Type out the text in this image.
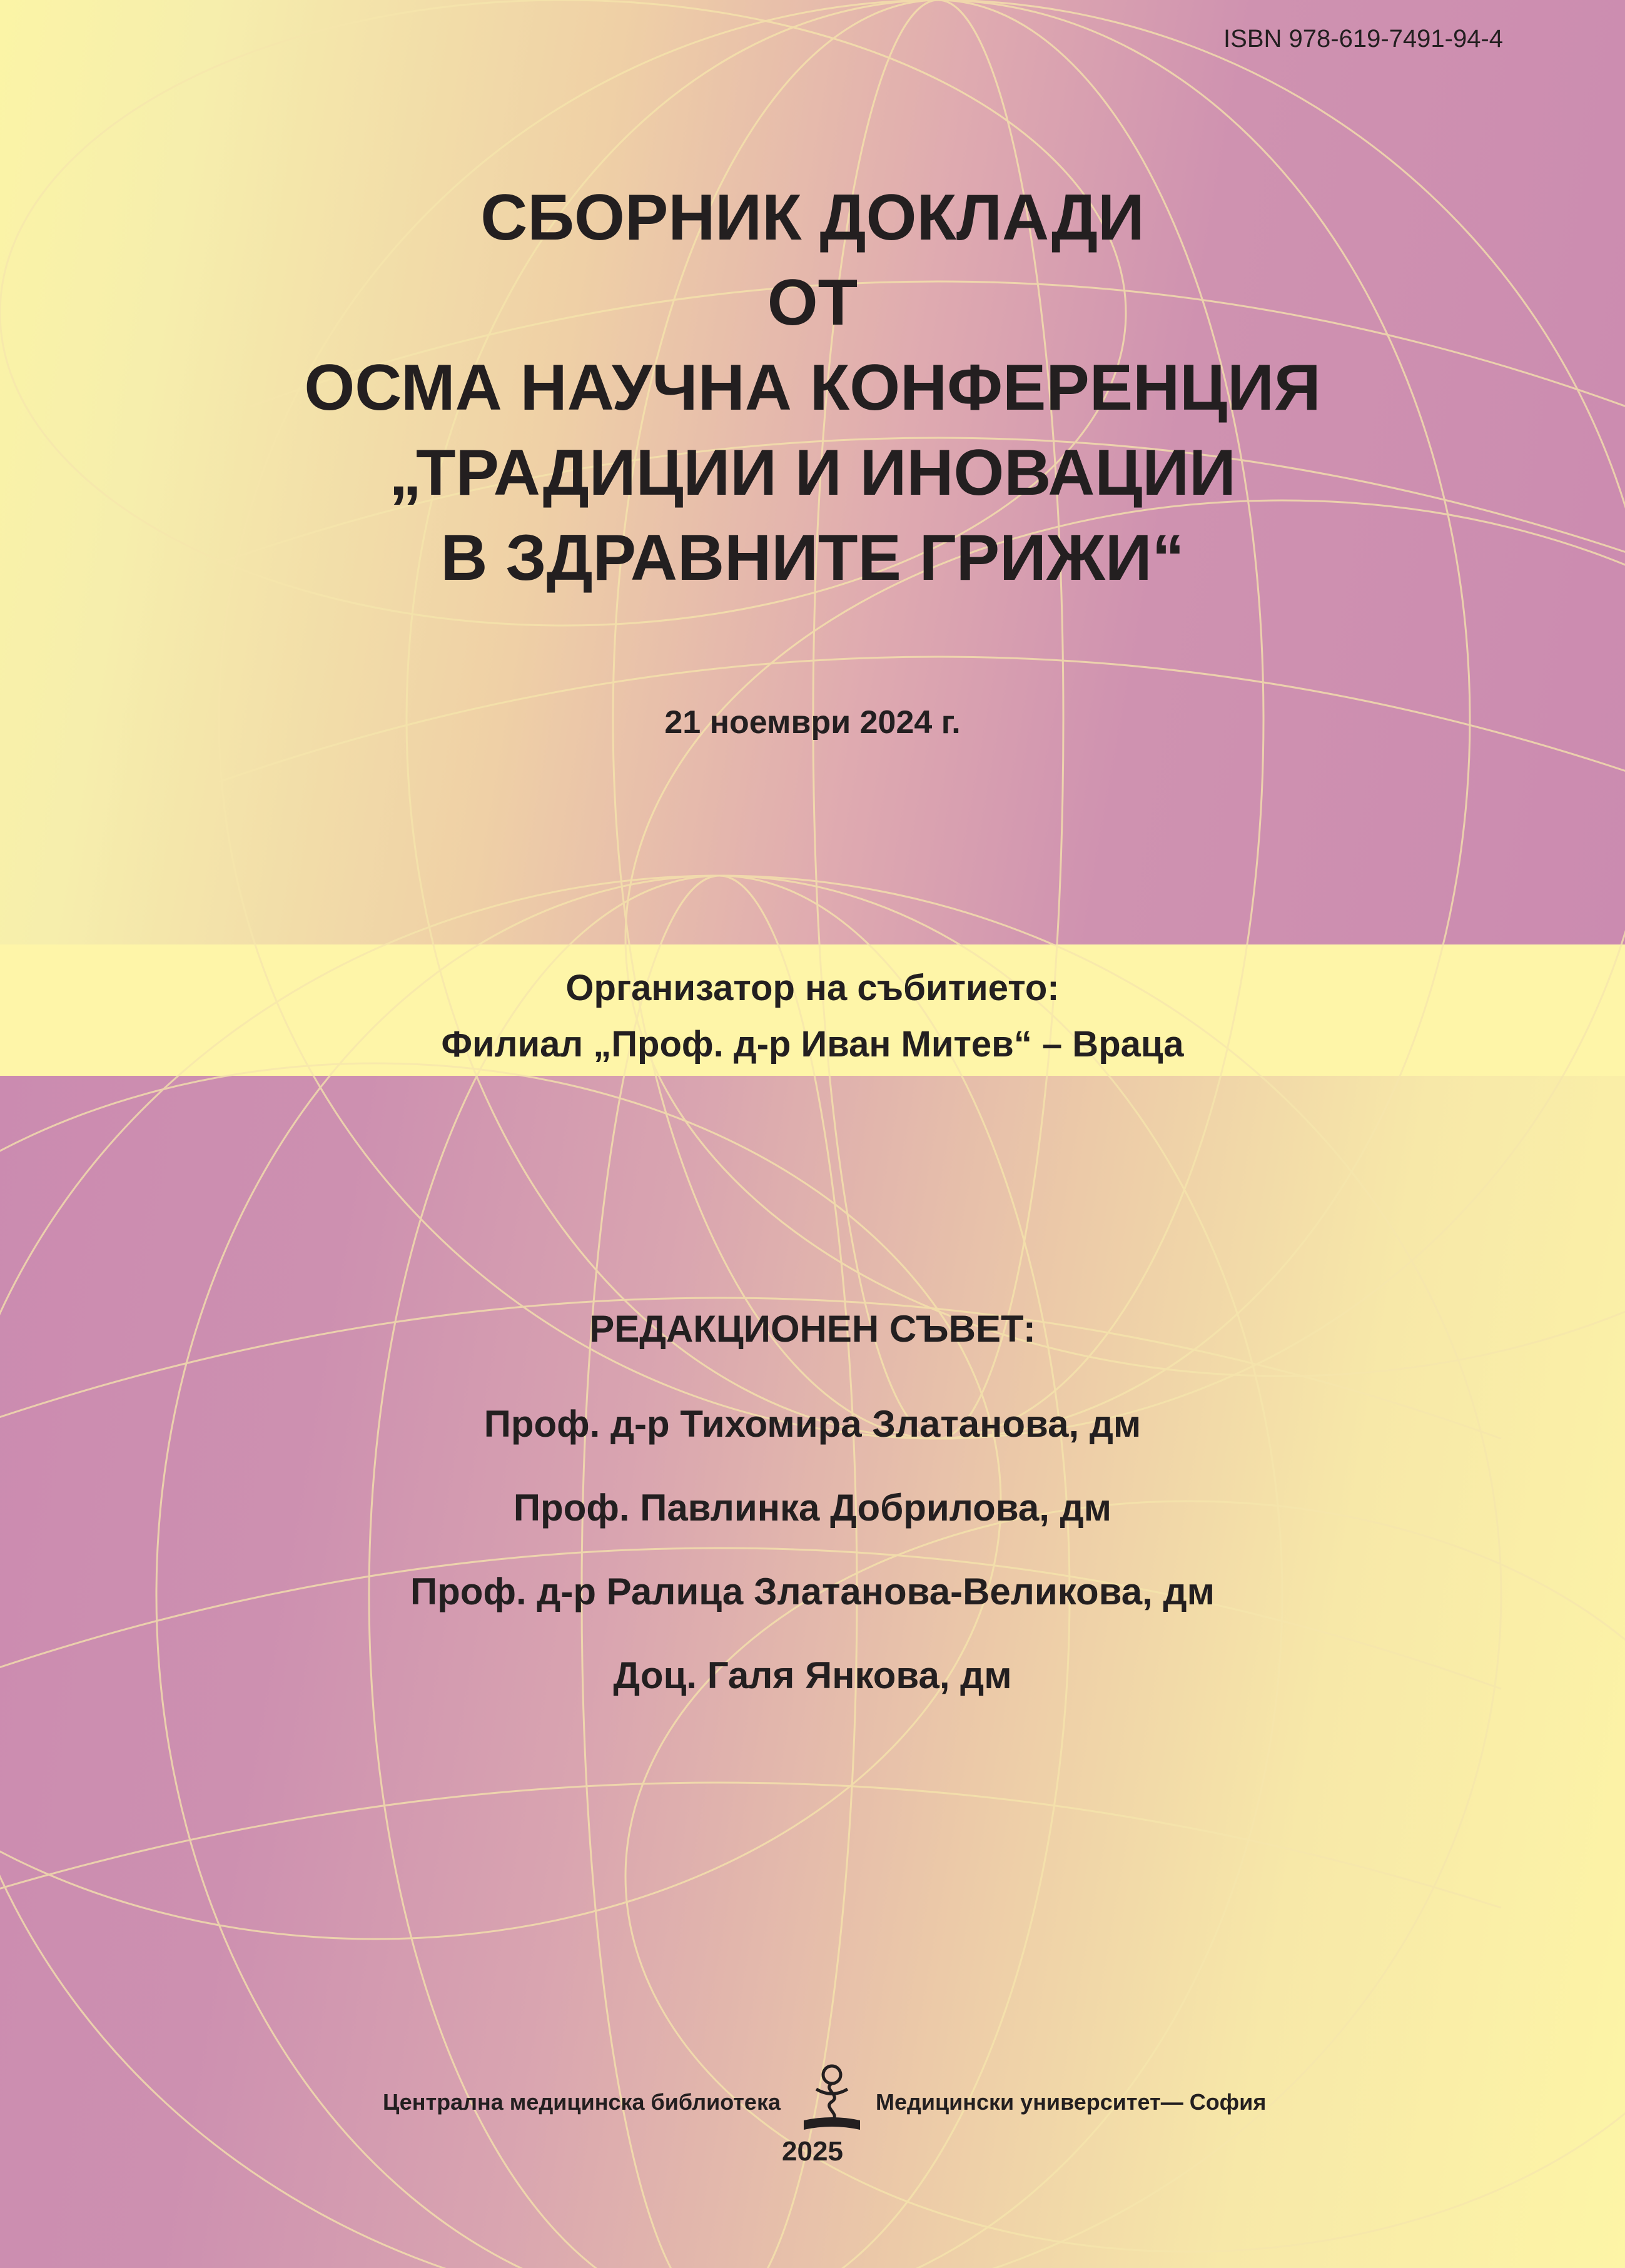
ISBN 978-619-7491-94-4
СБОРНИК ДОКЛАДИ
ОТ
ОСМА НАУЧНА КОНФЕРЕНЦИЯ
„ТРАДИЦИИ И ИНОВАЦИИ
В ЗДРАВНИТЕ ГРИЖИ“
21 ноември 2024 г.
Организатор на събитието:
Филиал „Проф. д-р Иван Митев“ – Враца
РЕДАКЦИОНЕН СЪВЕТ:
Проф. д-р Тихомира Златанова, дм
Проф. Павлинка Добрилова, дм
Проф. д-р Ралица Златанова-Великова, дм
Доц. Галя Янкова, дм
Централна медицинска библиотека	Медицински университет— София
2025
